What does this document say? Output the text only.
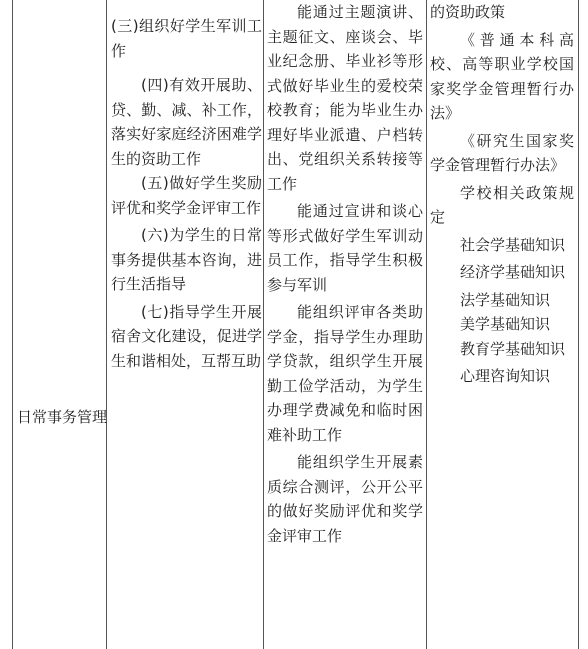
日常事务管理

(三)组织好学生军训工作

(四)有效开展助、贷、勤、减、补工作，落实好家庭经济困难学生的资助工作

(五)做好学生奖励评优和奖学金评审工作

(六)为学生的日常事务提供基本咨询，进行生活指导

(七)指导学生开展宿舍文化建设，促进学生和谐相处，互帮互助

能通过主题演讲、主题征文、座谈会、毕业纪念册、毕业衫等形式做好毕业生的爱校荣校教育；能为毕业生办理好毕业派遣、户档转出、党组织关系转接等工作

能通过宣讲和谈心等形式做好学生军训动员工作，指导学生积极参与军训

能组织评审各类助学金，指导学生办理助学贷款，组织学生开展勤工俭学活动，为学生办理学费减免和临时困难补助工作

能组织学生开展素质综合测评，公开公平的做好奖励评优和奖学金评审工作

的资助政策

《普通本科高校、高等职业学校国家奖学金管理暂行办法》

《研究生国家奖学金管理暂行办法》

学校相关政策规定

社会学基础知识

经济学基础知识

法学基础知识

美学基础知识

教育学基础知识

心理咨询知识
